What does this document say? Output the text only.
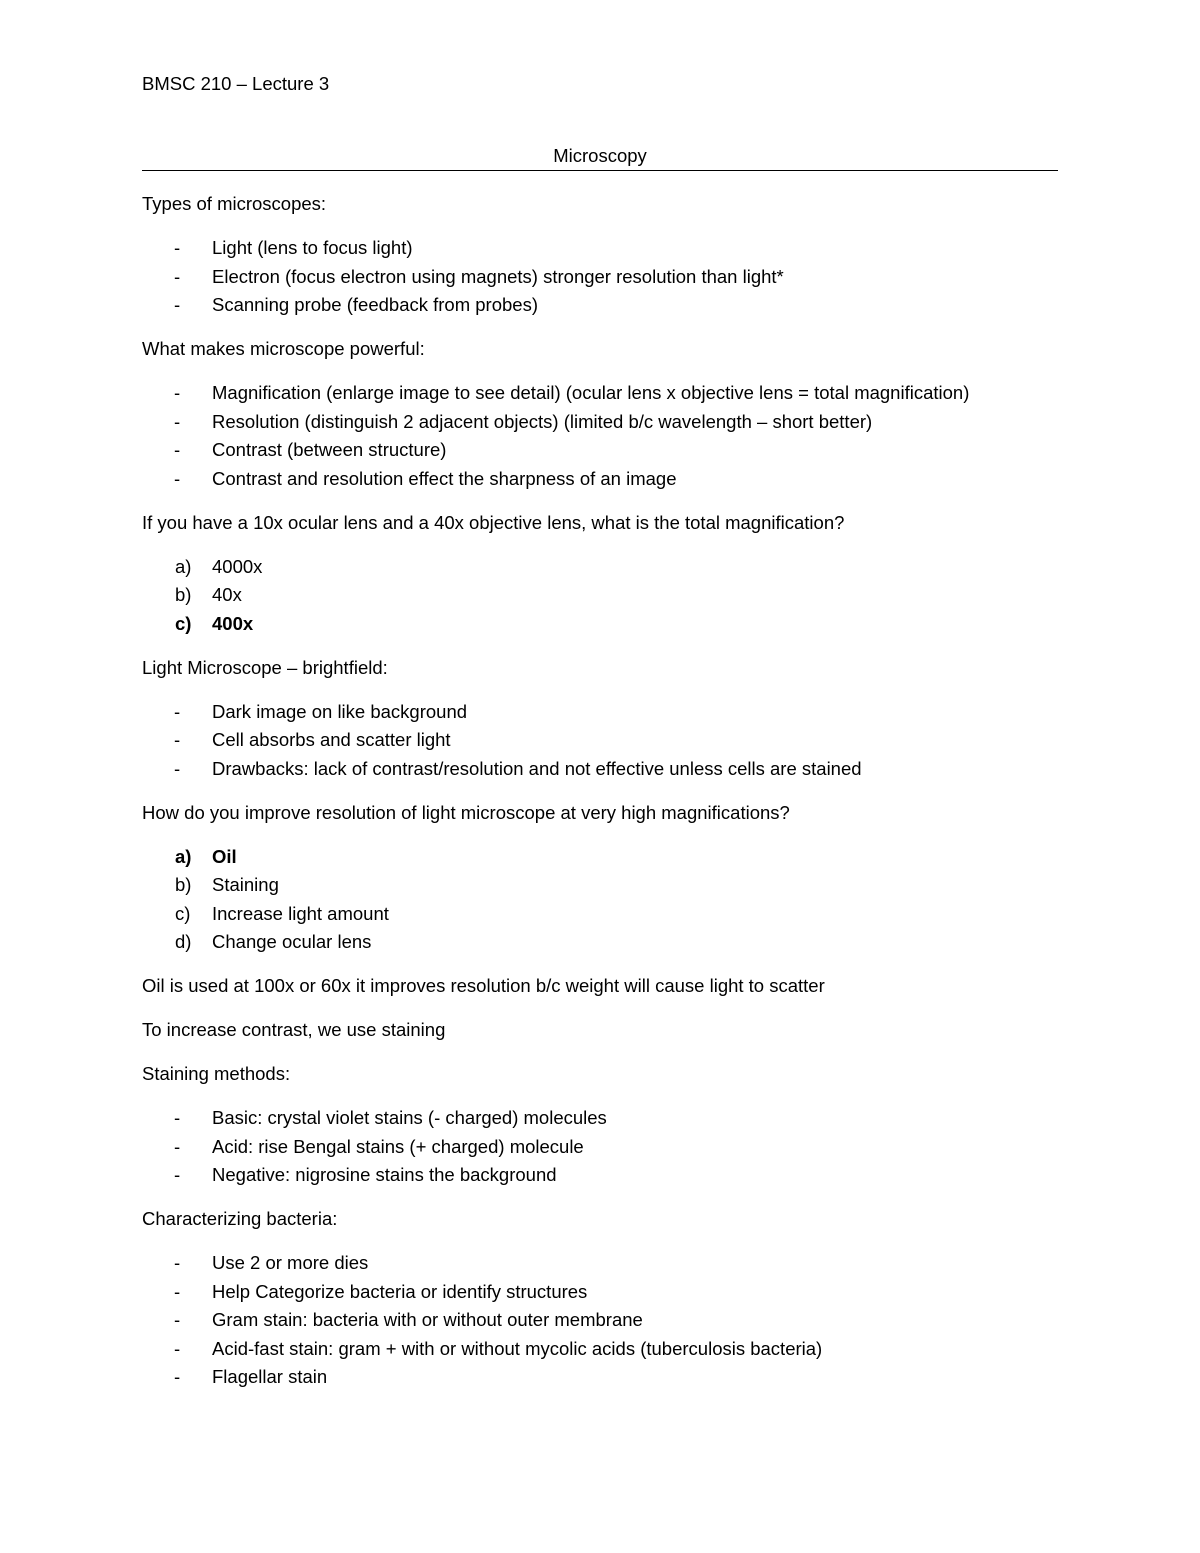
BMSC 210 – Lecture 3
Microscopy
Types of microscopes:
- Light (lens to focus light)
- Electron (focus electron using magnets) stronger resolution than light*
- Scanning probe (feedback from probes)
What makes microscope powerful:
- Magnification (enlarge image to see detail) (ocular lens x objective lens = total magnification)
- Resolution (distinguish 2 adjacent objects) (limited b/c wavelength – short better)
- Contrast (between structure)
- Contrast and resolution effect the sharpness of an image
If you have a 10x ocular lens and a 40x objective lens, what is the total magnification?
a) 4000x
b) 40x
c) 400x
Light Microscope – brightfield:
- Dark image on like background
- Cell absorbs and scatter light
- Drawbacks: lack of contrast/resolution and not effective unless cells are stained
How do you improve resolution of light microscope at very high magnifications?
a) Oil
b) Staining
c) Increase light amount
d) Change ocular lens
Oil is used at 100x or 60x it improves resolution b/c weight will cause light to scatter
To increase contrast, we use staining
Staining methods:
- Basic: crystal violet stains (- charged) molecules
- Acid: rise Bengal stains (+ charged) molecule
- Negative: nigrosine stains the background
Characterizing bacteria:
- Use 2 or more dies
- Help Categorize bacteria or identify structures
- Gram stain: bacteria with or without outer membrane
- Acid-fast stain: gram + with or without mycolic acids (tuberculosis bacteria)
- Flagellar stain
